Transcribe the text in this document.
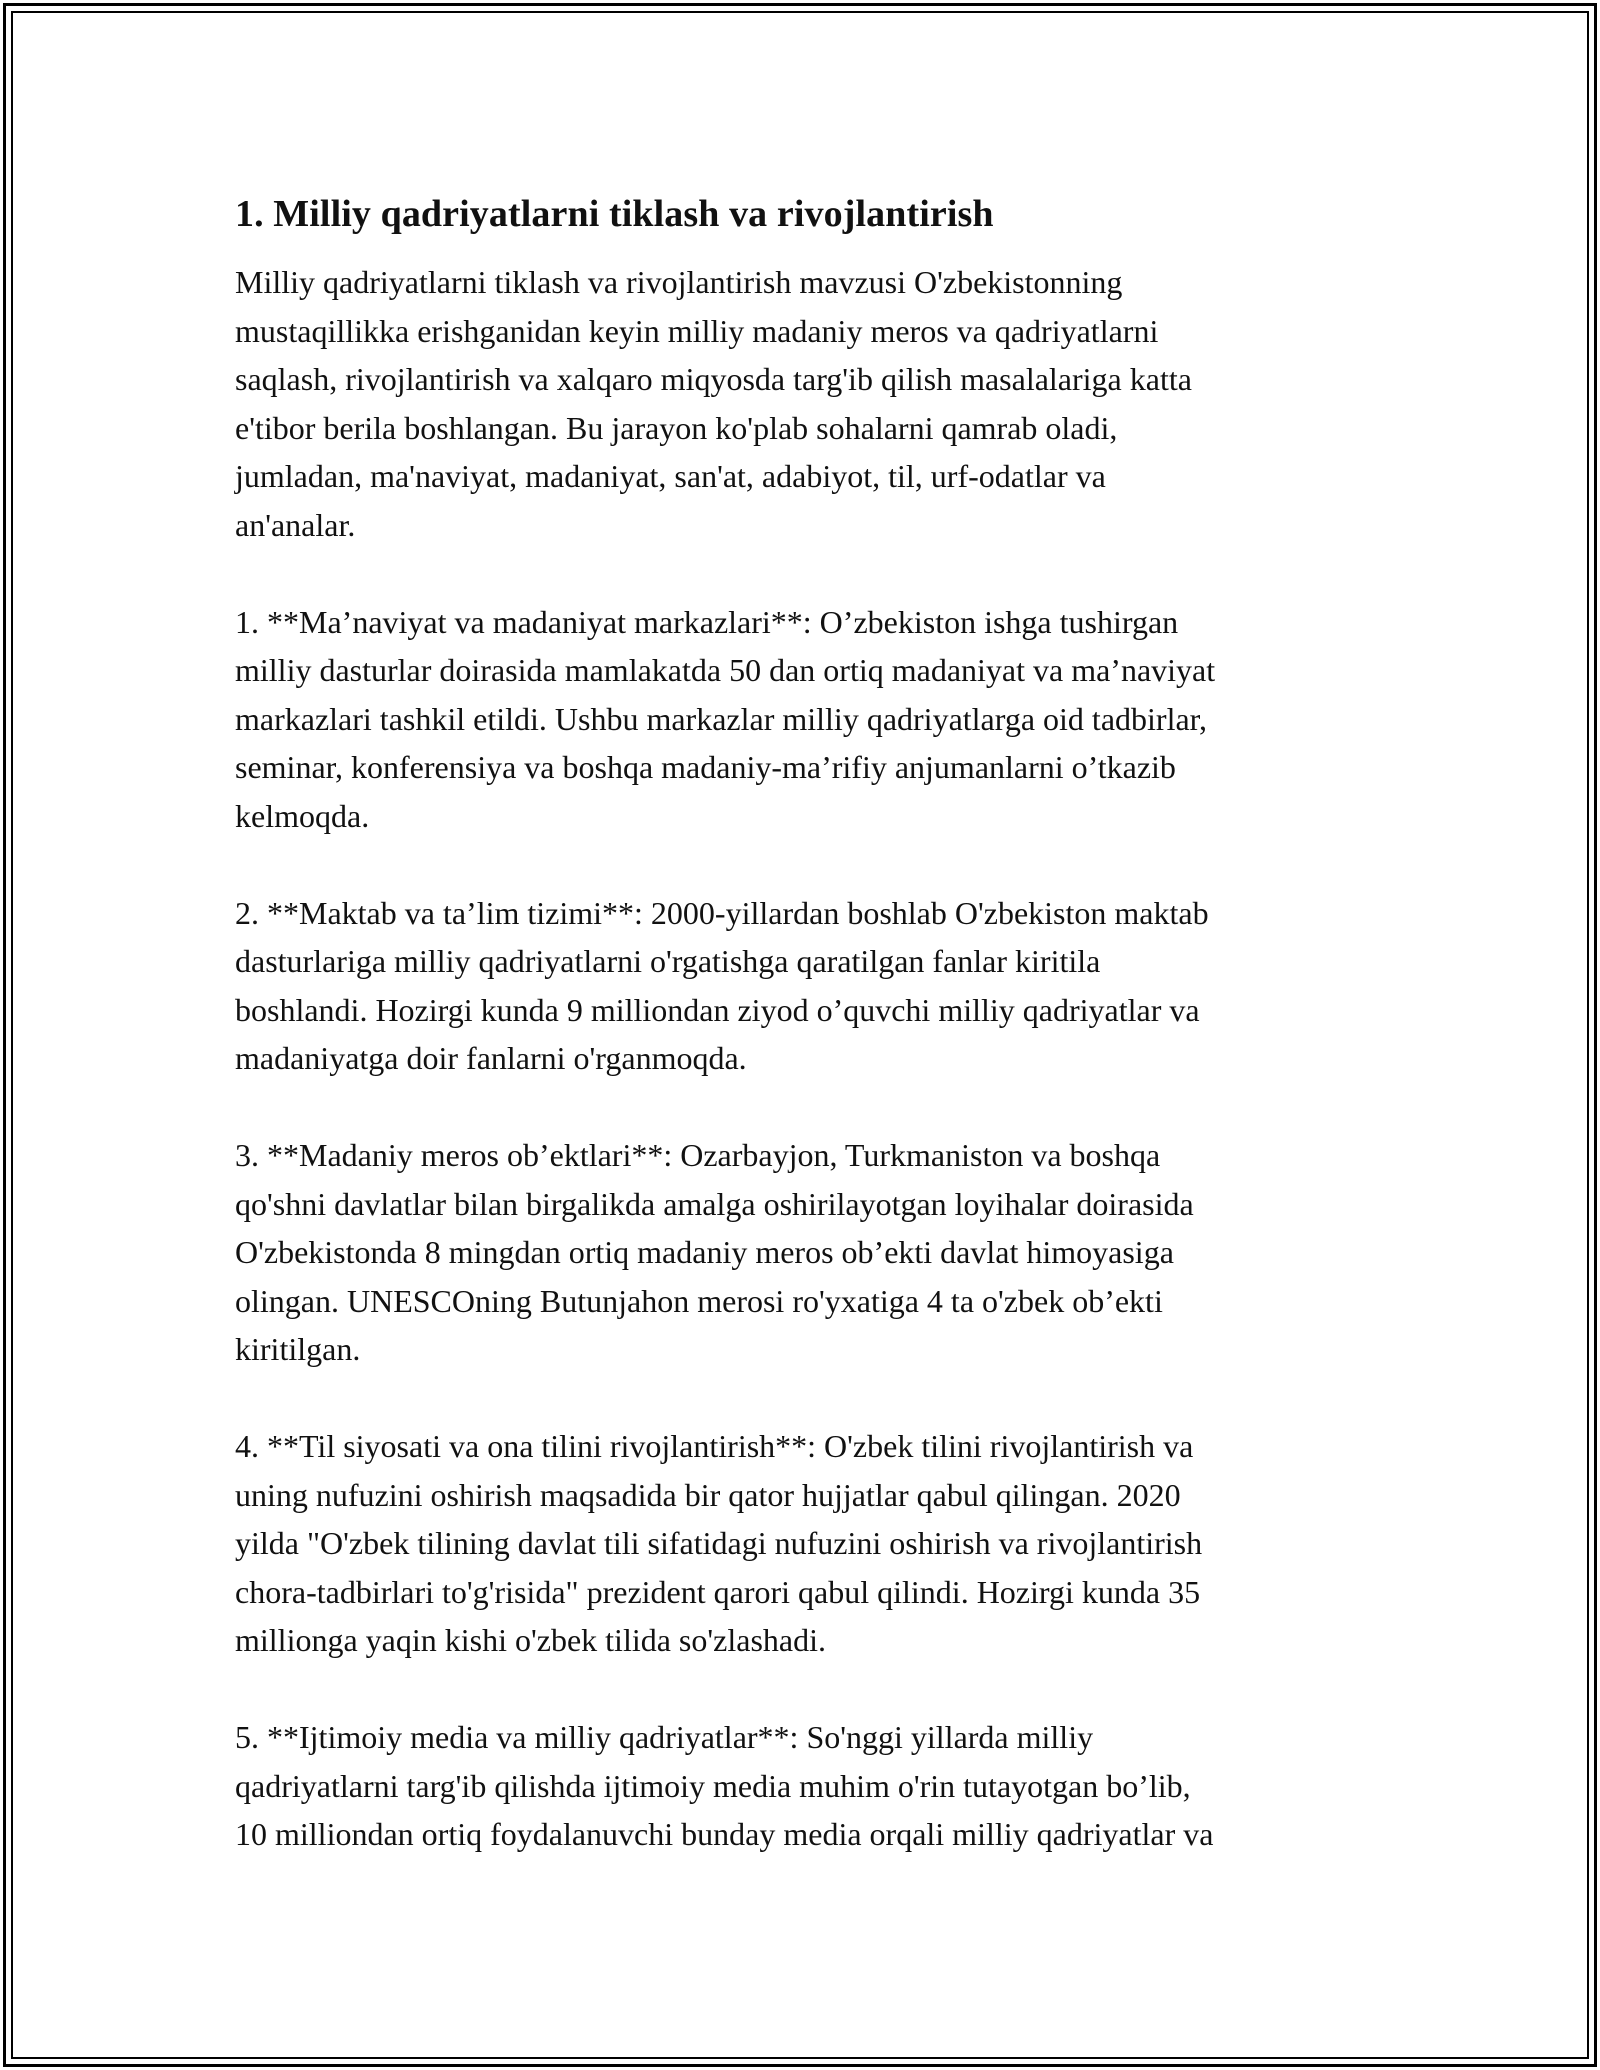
1. Milliy qadriyatlarni tiklash va rivojlantirish

Milliy qadriyatlarni tiklash va rivojlantirish mavzusi O'zbekistonning
mustaqillikka erishganidan keyin milliy madaniy meros va qadriyatlarni
saqlash, rivojlantirish va xalqaro miqyosda targ'ib qilish masalalariga katta
e'tibor berila boshlangan. Bu jarayon ko'plab sohalarni qamrab oladi,
jumladan, ma'naviyat, madaniyat, san'at, adabiyot, til, urf-odatlar va
an'analar.

1. **Ma’naviyat va madaniyat markazlari**: O’zbekiston ishga tushirgan
milliy dasturlar doirasida mamlakatda 50 dan ortiq madaniyat va ma’naviyat
markazlari tashkil etildi. Ushbu markazlar milliy qadriyatlarga oid tadbirlar,
seminar, konferensiya va boshqa madaniy-ma’rifiy anjumanlarni o’tkazib
kelmoqda.

2. **Maktab va ta’lim tizimi**: 2000-yillardan boshlab O'zbekiston maktab
dasturlariga milliy qadriyatlarni o'rgatishga qaratilgan fanlar kiritila
boshlandi. Hozirgi kunda 9 milliondan ziyod o’quvchi milliy qadriyatlar va
madaniyatga doir fanlarni o'rganmoqda.

3. **Madaniy meros ob’ektlari**: Ozarbayjon, Turkmaniston va boshqa
qo'shni davlatlar bilan birgalikda amalga oshirilayotgan loyihalar doirasida
O'zbekistonda 8 mingdan ortiq madaniy meros ob’ekti davlat himoyasiga
olingan. UNESCOning Butunjahon merosi ro'yxatiga 4 ta o'zbek ob’ekti
kiritilgan.

4. **Til siyosati va ona tilini rivojlantirish**: O'zbek tilini rivojlantirish va
uning nufuzini oshirish maqsadida bir qator hujjatlar qabul qilingan. 2020
yilda "O'zbek tilining davlat tili sifatidagi nufuzini oshirish va rivojlantirish
chora-tadbirlari to'g'risida" prezident qarori qabul qilindi. Hozirgi kunda 35
millionga yaqin kishi o'zbek tilida so'zlashadi.

5. **Ijtimoiy media va milliy qadriyatlar**: So'nggi yillarda milliy
qadriyatlarni targ'ib qilishda ijtimoiy media muhim o'rin tutayotgan bo’lib,
10 milliondan ortiq foydalanuvchi bunday media orqali milliy qadriyatlar va
